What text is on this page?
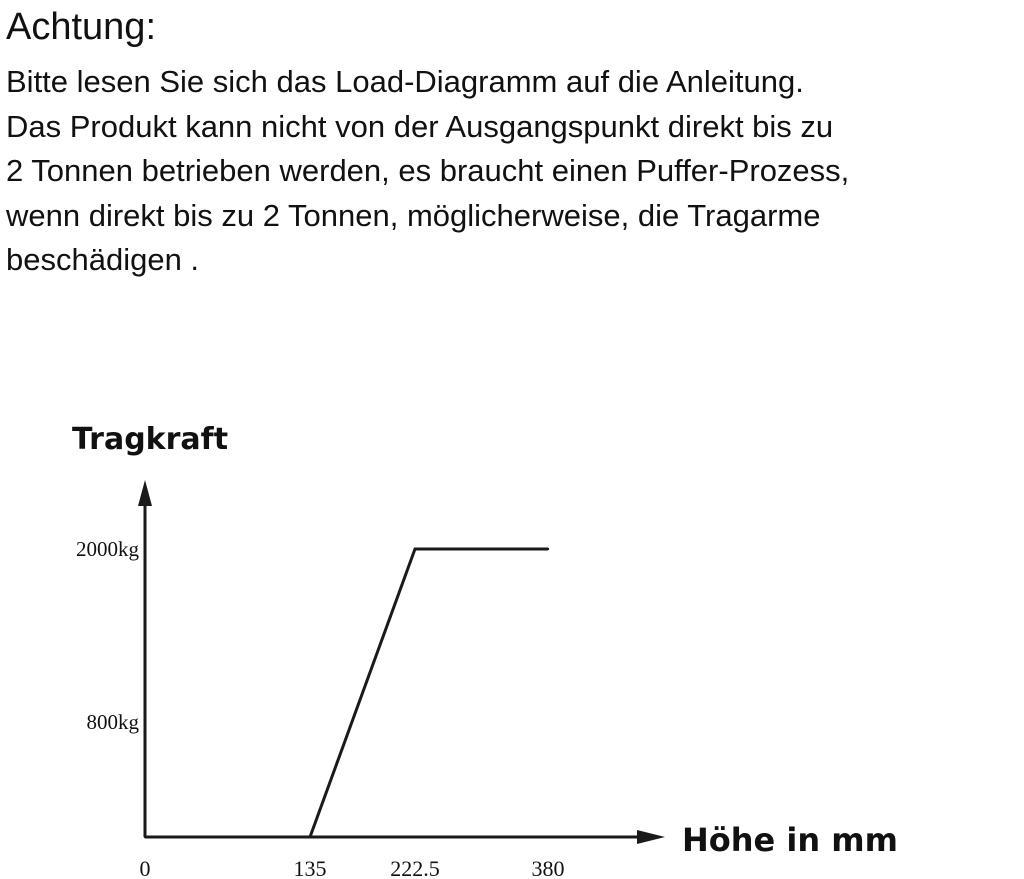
Achtung:

Bitte lesen Sie sich das Load-Diagramm auf die Anleitung.
Das Produkt kann nicht von der Ausgangspunkt direkt bis zu
2 Tonnen betrieben werden, es braucht einen Puffer-Prozess,
wenn direkt bis zu 2 Tonnen, möglicherweise, die Tragarme
beschädigen .

Tragkraft
Höhe in mm
800kg
2000kg
0	135	222.5	380
